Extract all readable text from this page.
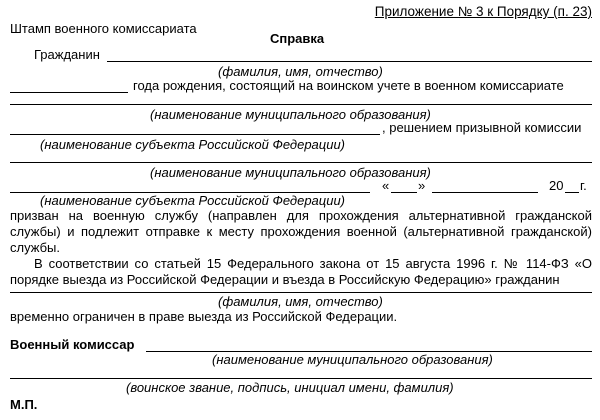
Приложение № 3 к Порядку (п. 23)
Штамп военного комиссариата
Справка
Гражданин
(фамилия, имя, отчество)
года рождения, состоящий на воинском учете в военном комиссариате
(наименование муниципального образования)
, решением призывной комиссии
(наименование субъекта Российской Федерации)
(наименование муниципального образования)
« »	20 г.
(наименование субъекта Российской Федерации)
призван на военную службу (направлен для прохождения альтернативной гражданской службы) и подлежит отправке к месту прохождения военной (альтернативной гражданской) службы.
В соответствии со статьей 15 Федерального закона от 15 августа 1996 г. № 114-ФЗ «О порядке выезда из Российской Федерации и въезда в Российскую Федерацию» гражданин
(фамилия, имя, отчество)
временно ограничен в праве выезда из Российской Федерации.
Военный комиссар
(наименование муниципального образования)
(воинское звание, подпись, инициал имени, фамилия)
М.П.
